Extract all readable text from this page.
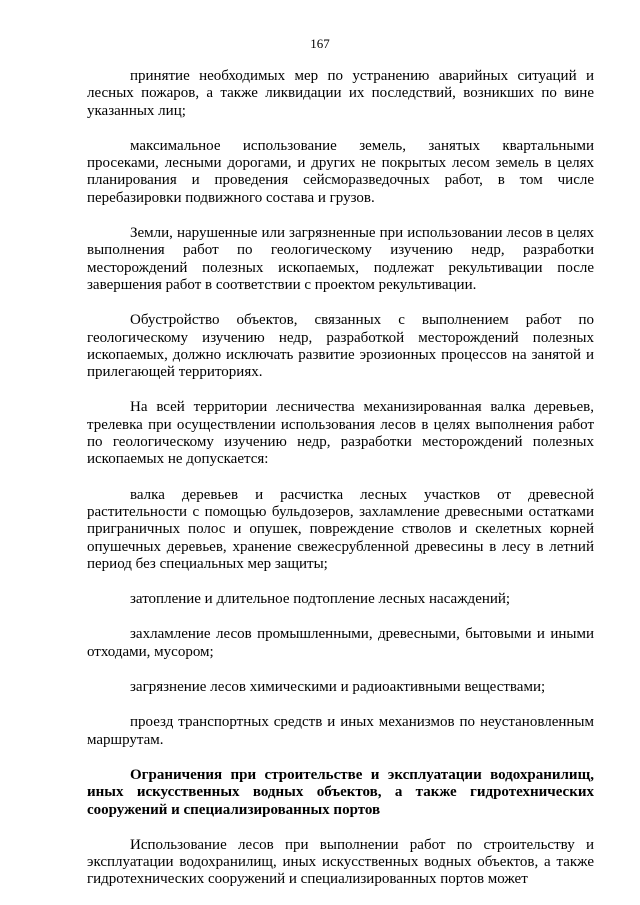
167

принятие необходимых мер по устранению аварийных ситуаций и лесных пожаров, а также ликвидации их последствий, возникших по вине указанных лиц;

максимальное использование земель, занятых квартальными просеками, лесными дорогами, и других не покрытых лесом земель в целях планирования и проведения сейсморазведочных работ, в том числе перебазировки подвижного состава и грузов.

Земли, нарушенные или загрязненные при использовании лесов в целях выполнения работ по геологическому изучению недр, разработки месторождений полезных ископаемых, подлежат рекультивации после завершения работ в соответствии с проектом рекультивации.

Обустройство объектов, связанных с выполнением работ по геологическому изучению недр, разработкой месторождений полезных ископаемых, должно исключать развитие эрозионных процессов на занятой и прилегающей территориях.

На всей территории лесничества механизированная валка деревьев, трелевка при осуществлении использования лесов в целях выполнения работ по геологическому изучению недр, разработки месторождений полезных ископаемых не допускается:

валка деревьев и расчистка лесных участков от древесной растительности с помощью бульдозеров, захламление древесными остатками приграничных полос и опушек, повреждение стволов и скелетных корней опушечных деревьев, хранение свежесрубленной древесины в лесу в летний период без специальных мер защиты;

затопление и длительное подтопление лесных насаждений;

захламление лесов промышленными, древесными, бытовыми и иными отходами, мусором;

загрязнение лесов химическими и радиоактивными веществами;

проезд транспортных средств и иных механизмов по неустановленным маршрутам.

Ограничения при строительстве и эксплуатации водохранилищ, иных искусственных водных объектов, а также гидротехнических сооружений и специализированных портов

Использование лесов при выполнении работ по строительству и эксплуатации водохранилищ, иных искусственных водных объектов, а также гидротехнических сооружений и специализированных портов может
